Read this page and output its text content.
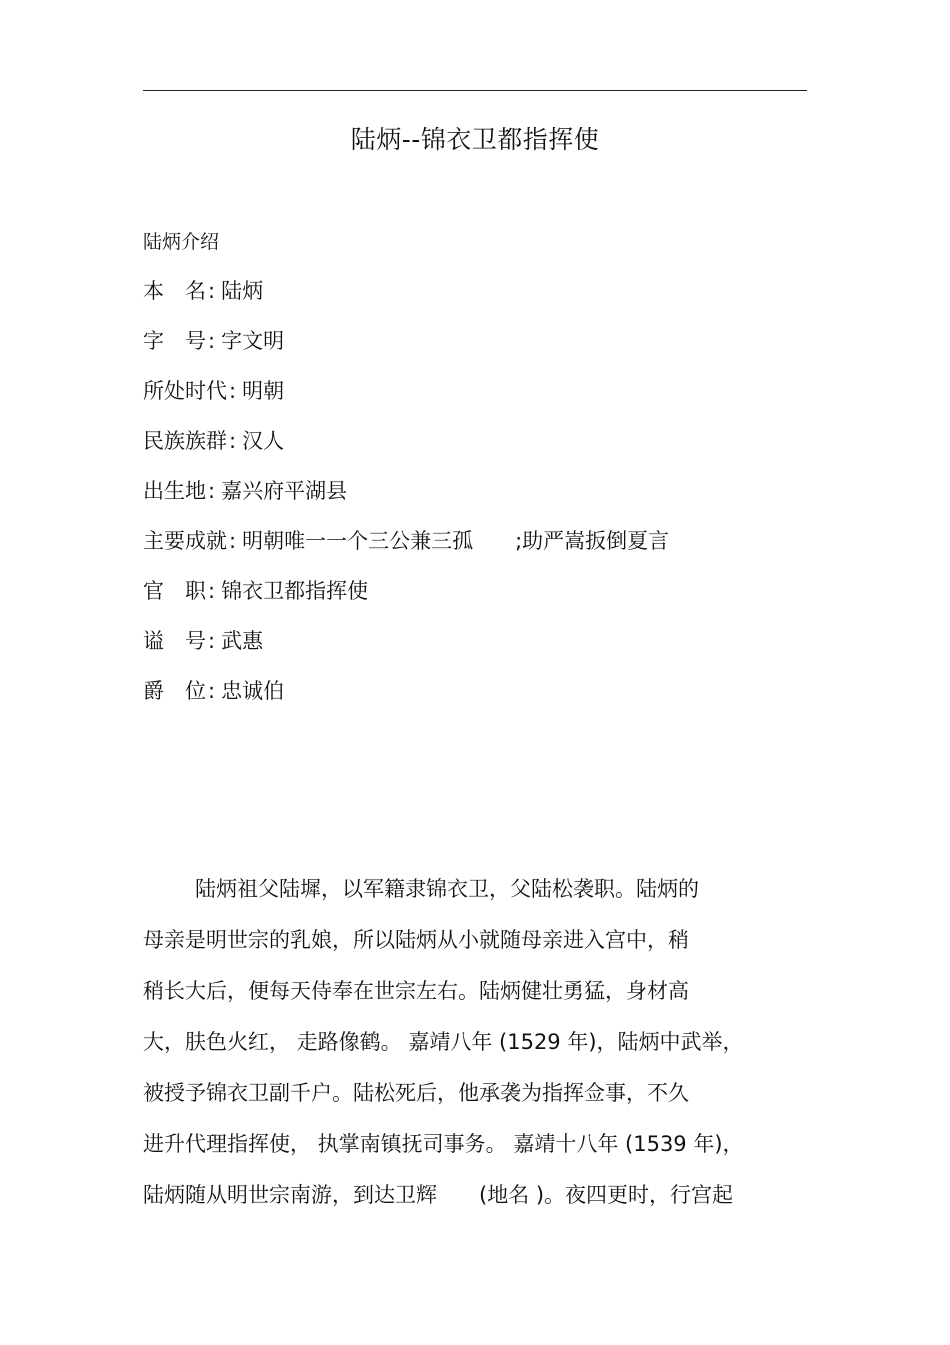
陆炳--锦衣卫都指挥使
陆炳介绍
本　名: 陆炳
字　号: 字文明
所处时代: 明朝
民族族群: 汉人
出生地: 嘉兴府平湖县
主要成就: 明朝唯一一个三公兼三孤　　;助严嵩扳倒夏言
官　职: 锦衣卫都指挥使
谥　号: 武惠
爵　位: 忠诚伯
陆炳祖父陆墀，以军籍隶锦衣卫，父陆松袭职。陆炳的
母亲是明世宗的乳娘，所以陆炳从小就随母亲进入宫中，稍
稍长大后，便每天侍奉在世宗左右。陆炳健壮勇猛，身材高
大，肤色火红， 走路像鹤。 嘉靖八年 (1529 年)，陆炳中武举，
被授予锦衣卫副千户。陆松死后，他承袭为指挥佥事，不久
进升代理指挥使， 执掌南镇抚司事务。 嘉靖十八年 (1539 年)，
陆炳随从明世宗南游，到达卫辉　　(地名 )。夜四更时，行宫起
